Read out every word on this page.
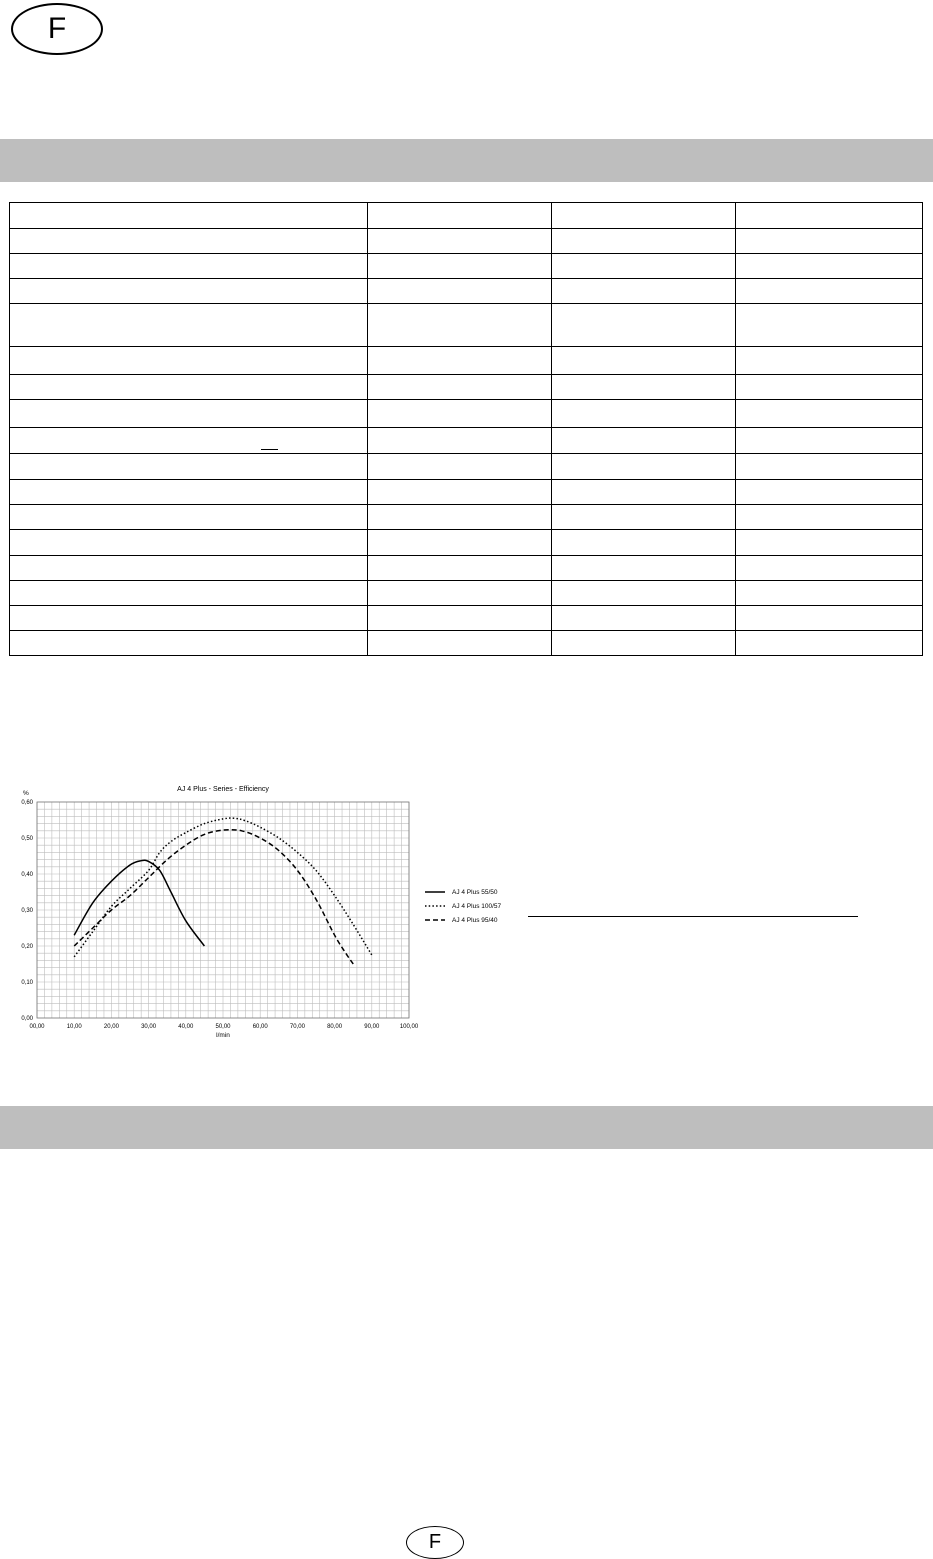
F

00,00	10,00	20,00	30,00	40,00	50,00	60,00	70,00	80,00	90,00	100,00
0,00
0,10
0,20
0,30
0,40
0,50
0,60
AJ 4 Plus 55/50
AJ 4 Plus 100/57
AJ 4 Plus 95/40
AJ 4 Plus - Series - Efficiency
%
l/min
F
